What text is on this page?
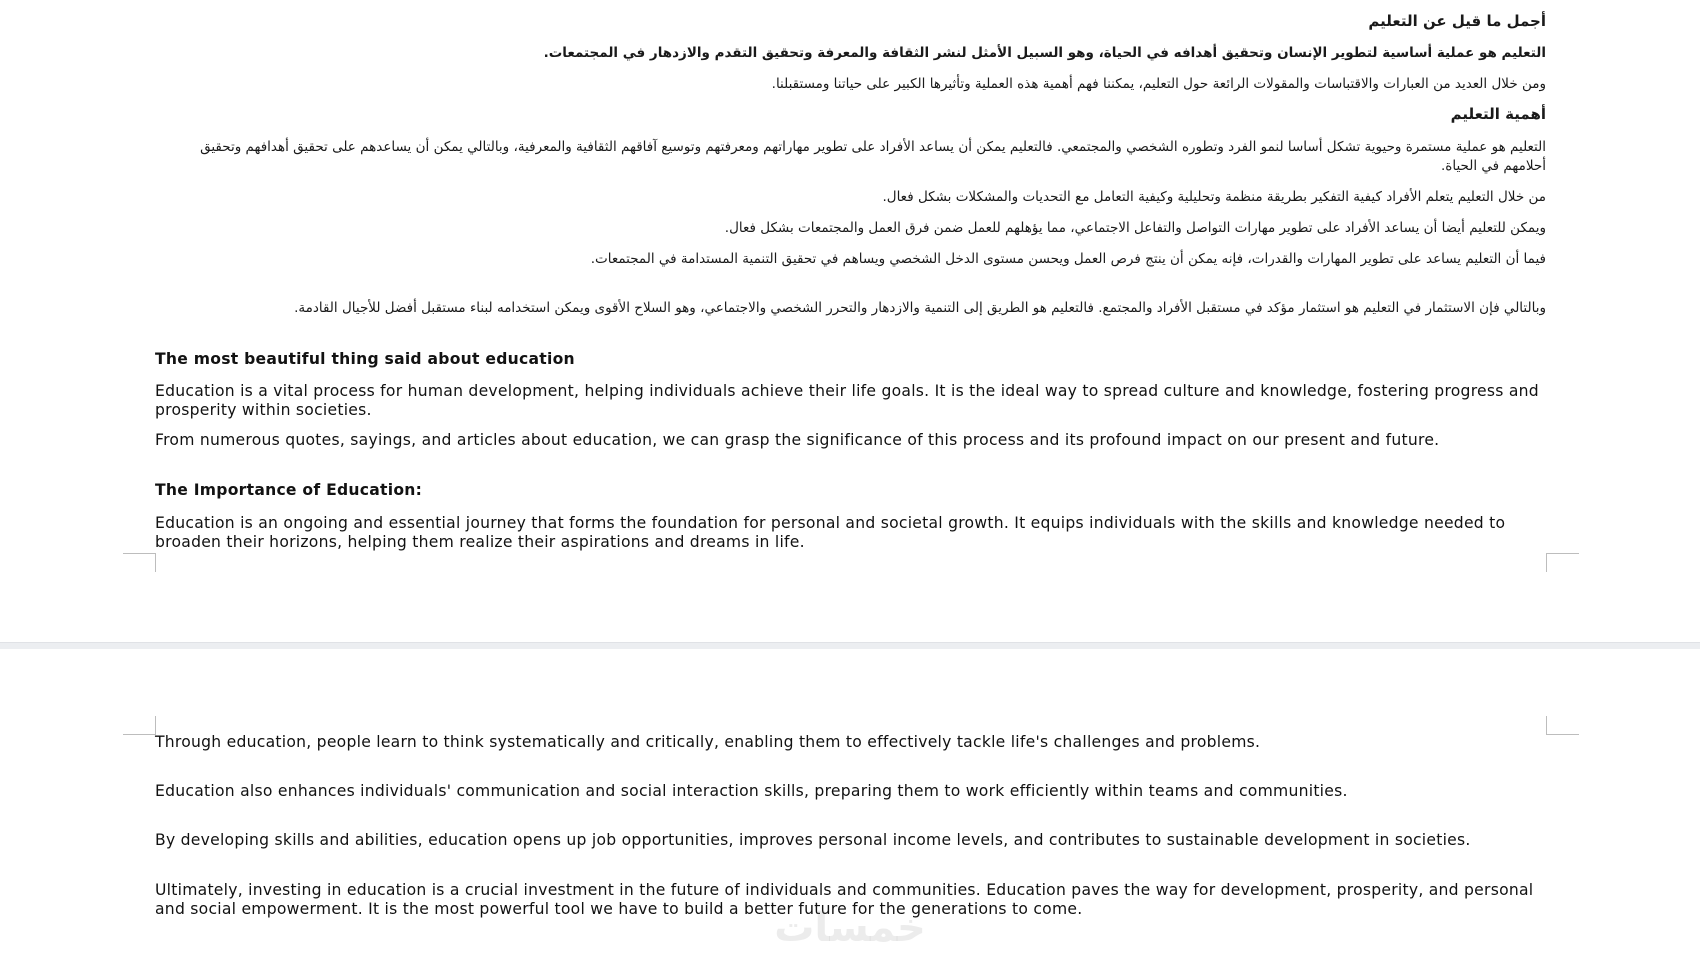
أجمل ما قيل عن التعليم
التعليم هو عملية أساسية لتطوير الإنسان وتحقيق أهدافه في الحياة، وهو السبيل الأمثل لنشر الثقافة والمعرفة وتحقيق التقدم والازدهار في المجتمعات.
ومن خلال العديد من العبارات والاقتباسات والمقولات الرائعة حول التعليم، يمكننا فهم أهمية هذه العملية وتأثيرها الكبير على حياتنا ومستقبلنا.
أهمية التعليم
التعليم هو عملية مستمرة وحيوية تشكل أساسا لنمو الفرد وتطوره الشخصي والمجتمعي. فالتعليم يمكن أن يساعد الأفراد على تطوير مهاراتهم ومعرفتهم وتوسيع آفاقهم الثقافية والمعرفية، وبالتالي يمكن أن يساعدهم على تحقيق أهدافهم وتحقيق أحلامهم في الحياة.
من خلال التعليم يتعلم الأفراد كيفية التفكير بطريقة منظمة وتحليلية وكيفية التعامل مع التحديات والمشكلات بشكل فعال.
ويمكن للتعليم أيضا أن يساعد الأفراد على تطوير مهارات التواصل والتفاعل الاجتماعي، مما يؤهلهم للعمل ضمن فرق العمل والمجتمعات بشكل فعال.
فيما أن التعليم يساعد على تطوير المهارات والقدرات، فإنه يمكن أن ينتج فرص العمل ويحسن مستوى الدخل الشخصي ويساهم في تحقيق التنمية المستدامة في المجتمعات.
وبالتالي فإن الاستثمار في التعليم هو استثمار مؤكد في مستقبل الأفراد والمجتمع. فالتعليم هو الطريق إلى التنمية والازدهار والتحرر الشخصي والاجتماعي، وهو السلاح الأقوى ويمكن استخدامه لبناء مستقبل أفضل للأجيال القادمة.
The most beautiful thing said about education
Education is a vital process for human development, helping individuals achieve their life goals. It is the ideal way to spread culture and knowledge, fostering progress and prosperity within societies.
From numerous quotes, sayings, and articles about education, we can grasp the significance of this process and its profound impact on our present and future.
The Importance of Education:
Education is an ongoing and essential journey that forms the foundation for personal and societal growth. It equips individuals with the skills and knowledge needed to broaden their horizons, helping them realize their aspirations and dreams in life.
Through education, people learn to think systematically and critically, enabling them to effectively tackle life's challenges and problems.
Education also enhances individuals' communication and social interaction skills, preparing them to work efficiently within teams and communities.
By developing skills and abilities, education opens up job opportunities, improves personal income levels, and contributes to sustainable development in societies.
Ultimately, investing in education is a crucial investment in the future of individuals and communities. Education paves the way for development, prosperity, and personal and social empowerment. It is the most powerful tool we have to build a better future for the generations to come.
